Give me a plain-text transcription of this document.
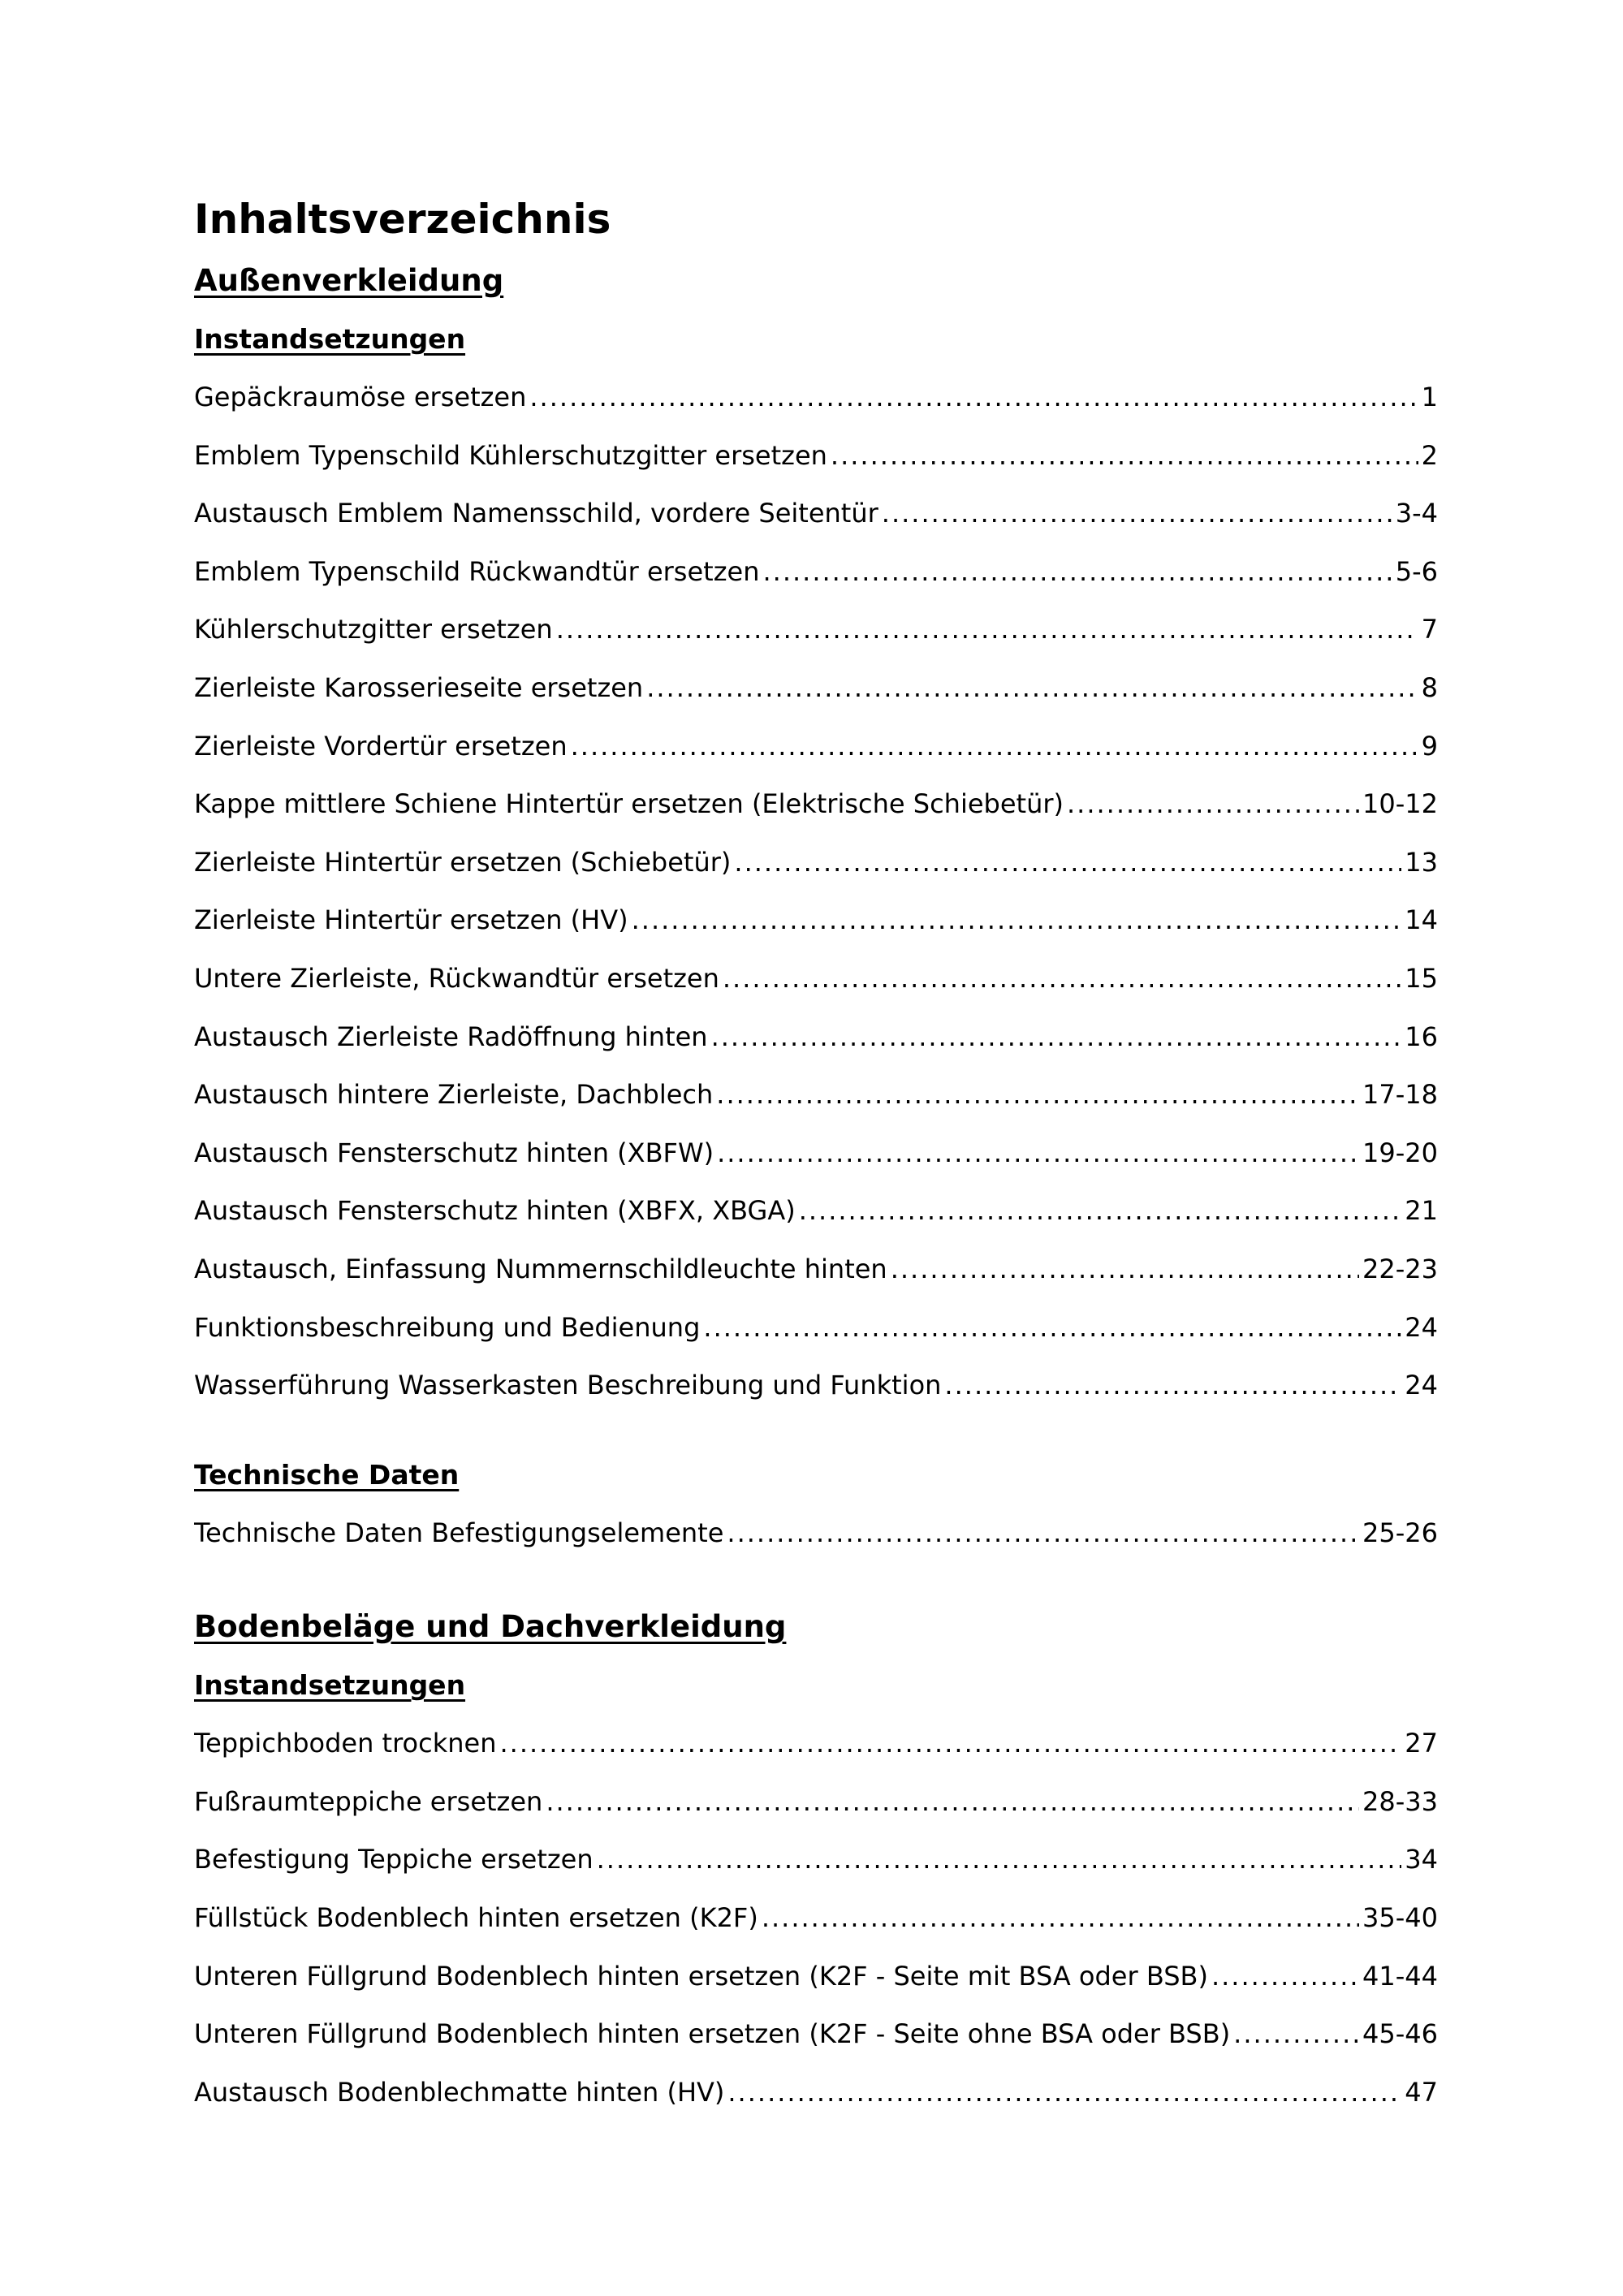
Inhaltsverzeichnis
Außenverkleidung
Instandsetzungen
Gepäckraumöse ersetzen .....	1
Emblem Typenschild Kühlerschutzgitter ersetzen .....	2
Austausch Emblem Namensschild, vordere Seitentür .....	3-4
Emblem Typenschild Rückwandtür ersetzen .....	5-6
Kühlerschutzgitter ersetzen .....	7
Zierleiste Karosserieseite ersetzen .....	8
Zierleiste Vordertür ersetzen .....	9
Kappe mittlere Schiene Hintertür ersetzen (Elektrische Schiebetür) .....	10-12
Zierleiste Hintertür ersetzen (Schiebetür) .....	13
Zierleiste Hintertür ersetzen (HV) .....	14
Untere Zierleiste, Rückwandtür ersetzen .....	15
Austausch Zierleiste Radöffnung hinten .....	16
Austausch hintere Zierleiste, Dachblech .....	17-18
Austausch Fensterschutz hinten (XBFW) .....	19-20
Austausch Fensterschutz hinten (XBFX, XBGA) .....	21
Austausch, Einfassung Nummernschildleuchte hinten .....	22-23
Funktionsbeschreibung und Bedienung .....	24
Wasserführung Wasserkasten Beschreibung und Funktion .....	24
Technische Daten
Technische Daten Befestigungselemente .....	25-26
Bodenbeläge und Dachverkleidung
Instandsetzungen
Teppichboden trocknen .....	27
Fußraumteppiche ersetzen .....	28-33
Befestigung Teppiche ersetzen .....	34
Füllstück Bodenblech hinten ersetzen (K2F) .....	35-40
Unteren Füllgrund Bodenblech hinten ersetzen (K2F - Seite mit BSA oder BSB) .....	41-44
Unteren Füllgrund Bodenblech hinten ersetzen (K2F - Seite ohne BSA oder BSB) .....	45-46
Austausch Bodenblechmatte hinten (HV) .....	47
